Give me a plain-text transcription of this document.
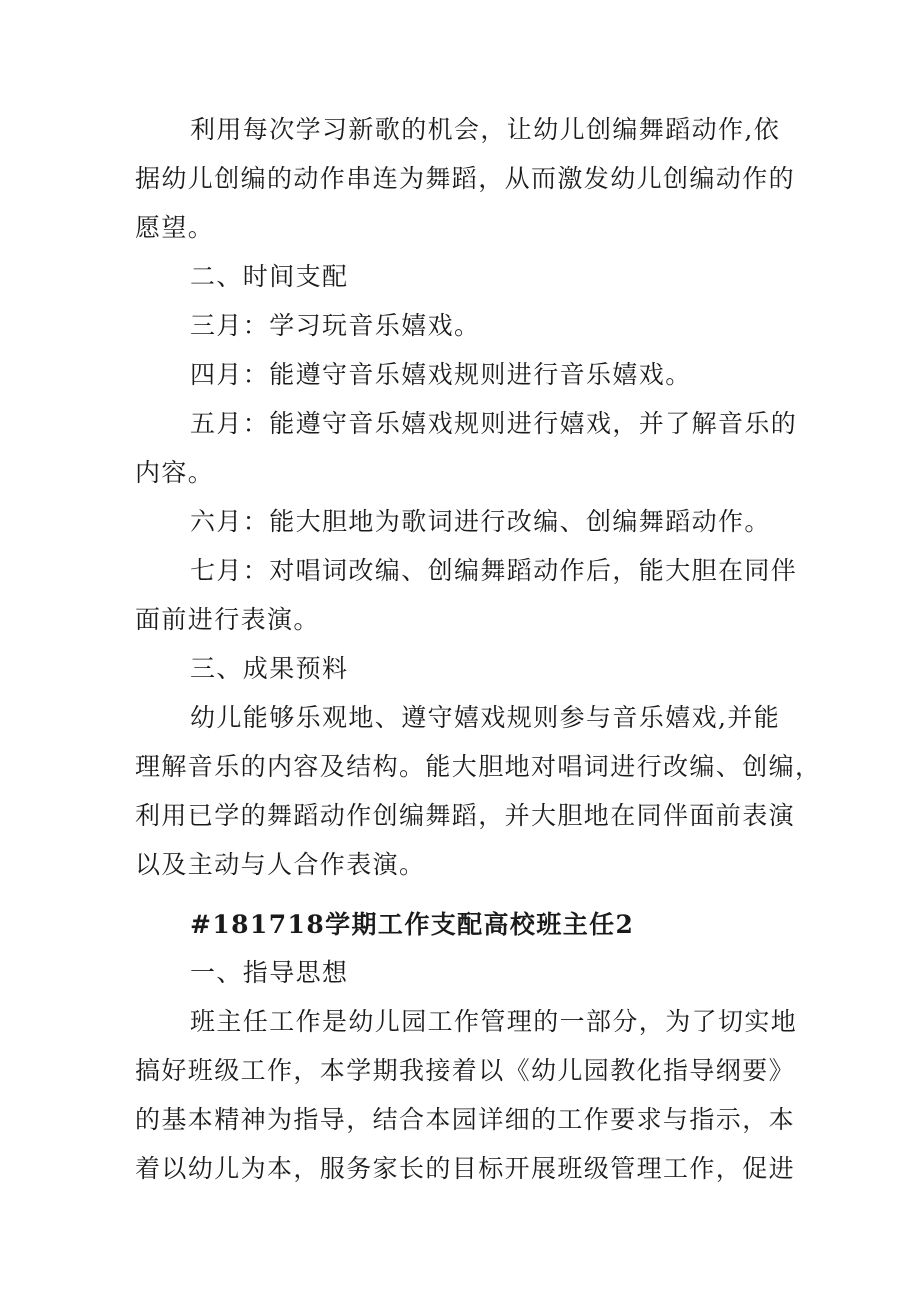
利用每次学习新歌的机会，让幼儿创编舞蹈动作,依
据幼儿创编的动作串连为舞蹈，从而激发幼儿创编动作的
愿望。
二、时间支配
三月：学习玩音乐嬉戏。
四月：能遵守音乐嬉戏规则进行音乐嬉戏。
五月：能遵守音乐嬉戏规则进行嬉戏，并了解音乐的
内容。
六月：能大胆地为歌词进行改编、创编舞蹈动作。
七月：对唱词改编、创编舞蹈动作后，能大胆在同伴
面前进行表演。
三、成果预料
幼儿能够乐观地、遵守嬉戏规则参与音乐嬉戏,并能
理解音乐的内容及结构。能大胆地对唱词进行改编、创编，
利用已学的舞蹈动作创编舞蹈，并大胆地在同伴面前表演
以及主动与人合作表演。
#181718学期工作支配高校班主任2
一、指导思想
班主任工作是幼儿园工作管理的一部分，为了切实地
搞好班级工作，本学期我接着以《幼儿园教化指导纲要》
的基本精神为指导，结合本园详细的工作要求与指示，本
着以幼儿为本，服务家长的目标开展班级管理工作，促进
